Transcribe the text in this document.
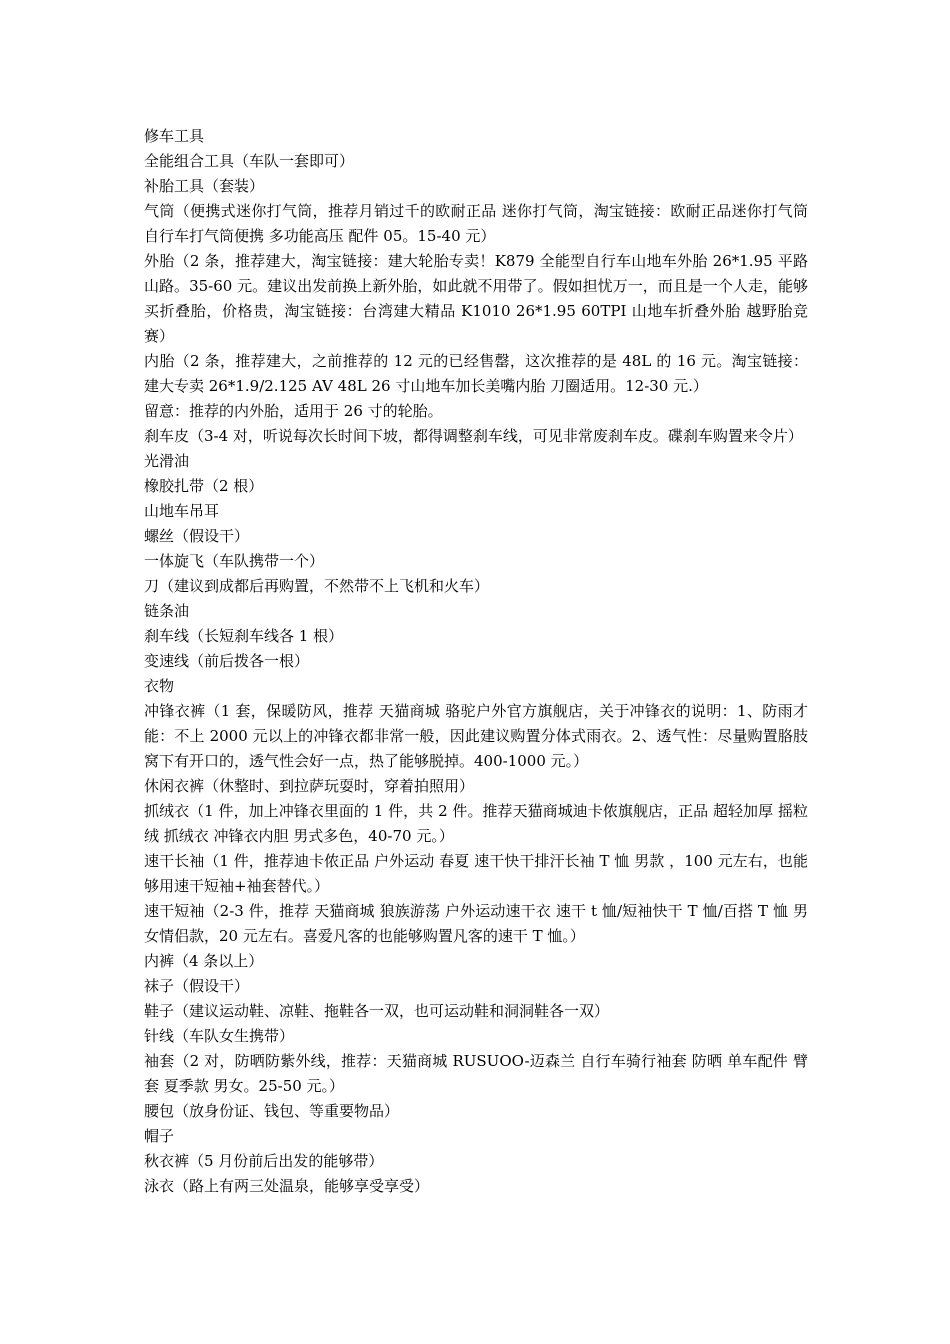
修车工具

全能组合工具（车队一套即可）

补胎工具（套装）

气筒（便携式迷你打气筒，推荐月销过千的欧耐正品 迷你打气筒，淘宝链接：欧耐正品迷你打气筒 自行车打气筒便携 多功能高压 配件 05。15-40 元）

外胎（2 条，推荐建大，淘宝链接：建大轮胎专卖！K879 全能型自行车山地车外胎 26*1.95 平路山路。35-60 元。建议出发前换上新外胎，如此就不用带了。假如担忧万一，而且是一个人走，能够买折叠胎，价格贵，淘宝链接：台湾建大精品 K1010 26*1.95 60TPI 山地车折叠外胎 越野胎竞赛）

内胎（2 条，推荐建大，之前推荐的 12 元的已经售罄，这次推荐的是 48L 的 16 元。淘宝链接：建大专卖 26*1.9/2.125 AV 48L 26 寸山地车加长美嘴内胎 刀圈适用。12-30 元.）

留意：推荐的内外胎，适用于 26 寸的轮胎。

刹车皮（3-4 对，听说每次长时间下坡，都得调整刹车线，可见非常废刹车皮。碟刹车购置来令片）

光滑油

橡胶扎带（2 根）

山地车吊耳

螺丝（假设干）

一体旋飞（车队携带一个）

刀（建议到成都后再购置，不然带不上飞机和火车）

链条油

刹车线（长短刹车线各 1 根）

变速线（前后拨各一根）

衣物

冲锋衣裤（1 套，保暖防风，推荐 天猫商城 骆驼户外官方旗舰店，关于冲锋衣的说明：1、防雨才能：不上 2000 元以上的冲锋衣都非常一般，因此建议购置分体式雨衣。2、透气性：尽量购置胳肢窝下有开口的，透气性会好一点，热了能够脱掉。400-1000 元。）

休闲衣裤（休整时、到拉萨玩耍时，穿着拍照用）

抓绒衣（1 件，加上冲锋衣里面的 1 件，共 2 件。推荐天猫商城迪卡侬旗舰店，正品 超轻加厚 摇粒绒 抓绒衣 冲锋衣内胆 男式多色，40-70 元。）

速干长袖（1 件，推荐迪卡侬正品 户外运动 春夏 速干快干排汗长袖 T 恤 男款 ，100 元左右，也能够用速干短袖+袖套替代。）

速干短袖（2-3 件，推荐 天猫商城 狼族游荡 户外运动速干衣 速干 t 恤/短袖快干 T 恤/百搭 T 恤 男 女情侣款，20 元左右。喜爱凡客的也能够购置凡客的速干 T 恤。）

内裤（4 条以上）

袜子（假设干）

鞋子（建议运动鞋、凉鞋、拖鞋各一双，也可运动鞋和洞洞鞋各一双）

针线（车队女生携带）

袖套（2 对，防晒防紫外线，推荐：天猫商城 RUSUOO-迈森兰 自行车骑行袖套 防晒 单车配件 臂套 夏季款 男女。25-50 元。）

腰包（放身份证、钱包、等重要物品）

帽子

秋衣裤（5 月份前后出发的能够带）

泳衣（路上有两三处温泉，能够享受享受）
